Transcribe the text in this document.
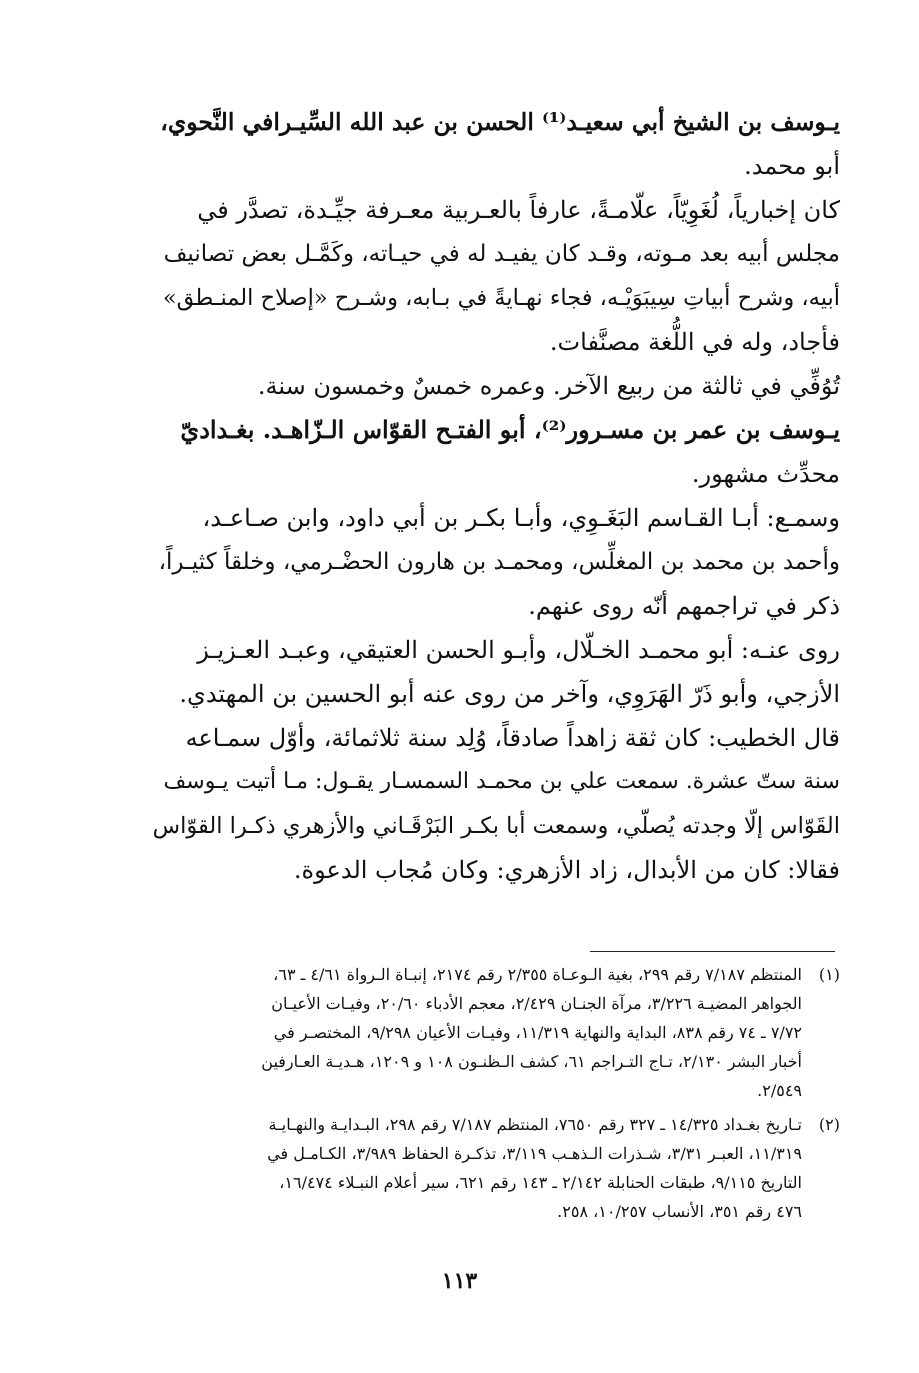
يـوسف بن الشيخ أبي سعيـد⁽¹⁾ الحسن بن عبد الله السِّيـرافي النَّحوي،
أبو محمد.
كان إخبارياً، لُغَوِيّاً، علّامـةً، عارفاً بالعـربية معـرفة جيِّـدة، تصدَّر في
مجلس أبيه بعد مـوته، وقـد كان يفيـد له في حيـاته، وكَمَّـل بعض تصانيف
أبيه، وشرح أبياتِ سِيبَوَيْـه، فجاء نهـايةً في بـابه، وشـرح «إصلاح المنـطق»
فأجاد، وله في اللُّغة مصنَّفات.
تُوُفِّي في ثالثة من ربيع الآخر. وعمره خمسٌ وخمسون سنة.
يـوسف بن عمر بن مسـرور⁽²⁾، أبو الفتـح القوّاس الـزّاهـد. بغـداديّ
محدِّث مشهور.
وسمـع: أبـا القـاسم البَغَـوِي، وأبـا بكـر بن أبي داود، وابن صـاعـد،
وأحمد بن محمد بن المغلِّس، ومحمـد بن هارون الحضْـرمي، وخلقاً كثيـراً،
ذكر في تراجمهم أنّه روى عنهم.
روى عنـه: أبو محمـد الخـلّال، وأبـو الحسن العتيقي، وعبـد العـزيـز
الأزجي، وأبو ذَرّ الهَرَوِي، وآخر من روى عنه أبو الحسين بن المهتدي.
قال الخطيب: كان ثقة زاهداً صادقاً، وُلِد سنة ثلاثمائة، وأوّل سمـاعه
سنة ستّ عشرة. سمعت علي بن محمـد السمسـار يقـول: مـا أتيت يـوسف
القَوّاس إلّا وجدته يُصلّي، وسمعت أبا بكـر البَرْقَـاني والأزهري ذكـرا القوّاس
فقالا: كان من الأبدال، زاد الأزهري: وكان مُجاب الدعوة.
(١)
المنتظم ٧/١٨٧ رقم ٢٩٩، بغية الـوعـاة ٢/٣٥٥ رقم ٢١٧٤، إنبـاة الـرواة ٤/٦١ ـ ٦٣،
الجواهر المضيـة ٣/٢٢٦، مرآة الجنـان ٢/٤٢٩، معجم الأدباء ٢٠/٦٠، وفيـات الأعيـان
٧/٧٢ ـ ٧٤ رقم ٨٣٨، البداية والنهاية ١١/٣١٩، وفيـات الأعيان ٩/٢٩٨، المختصـر في
أخبار البشر ٢/١٣٠، تـاج التـراجم ٦١، كشف الـظنـون ١٠٨ و ١٢٠٩، هـديـة العـارفين
٢/٥٤٩.
(٢)
تـاريخ بغـداد ١٤/٣٢٥ ـ ٣٢٧ رقم ٧٦٥٠، المنتظم ٧/١٨٧ رقم ٢٩٨، البـدايـة والنهـايـة
١١/٣١٩، العبـر ٣/٣١، شـذرات الـذهـب ٣/١١٩، تذكـرة الحفاظ ٣/٩٨٩، الكـامـل في
التاريخ ٩/١١٥، طبقات الحنابلة ٢/١٤٢ ـ ١٤٣ رقم ٦٢١، سير أعلام النبـلاء ١٦/٤٧٤،
٤٧٦ رقم ٣٥١، الأنساب ١٠/٢٥٧، ٢٥٨.
١١٣
